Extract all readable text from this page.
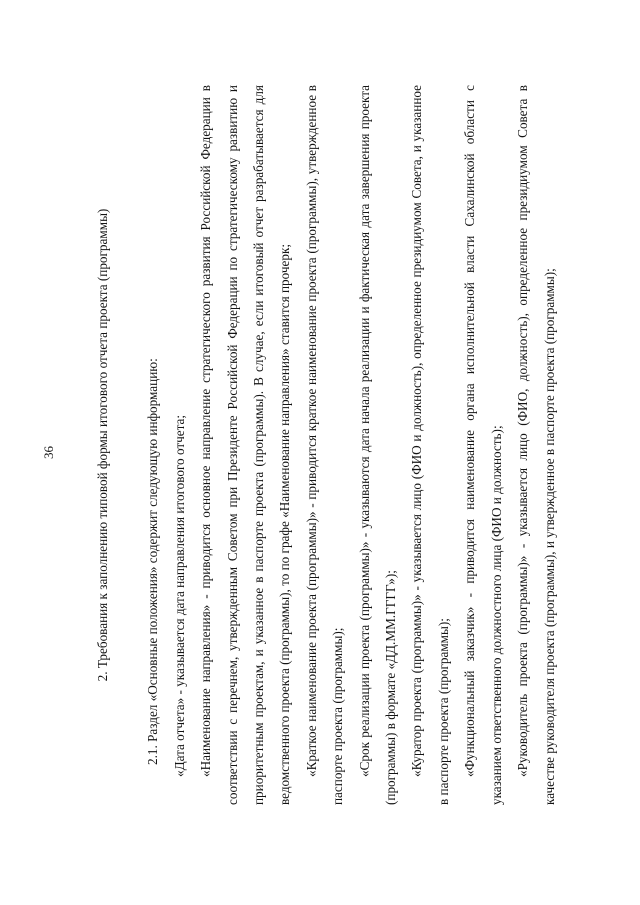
36	2. Требования к заполнению типовой формы итогового отчета проекта (программы)	2.1. Раздел «Основные положения» содержит следующую информацию: «Дата отчета» - указывается дата направления итогового отчета; «Наименование направления» - приводится основное направление стратегического развития Российской Федерации в соответствии с перечнем, утвержденным Советом при Президенте Российской Федерации по стратегическому развитию и приоритетным проектам, и указанное в паспорте проекта (программы). В случае, если итоговый отчет разрабатывается для ведомственного проекта (программы), то по графе «Наименование направления» ставится прочерк; «Краткое наименование проекта (программы)» - приводится краткое наименование проекта (программы), утвержденное в паспорте проекта (программы); «Срок реализации проекта (программы)» - указываются дата начала реализации и фактическая дата завершения проекта (программы) в формате «ДД.ММ.ГГГГ»); «Куратор проекта (программы)» - указывается лицо (ФИО и должность), определенное президиумом Совета, и указанное в паспорте проекта (программы); «Функциональный заказчик» - приводится наименование органа исполнительной власти Сахалинской области с указанием ответственного должностного лица (ФИО и должность); «Руководитель проекта (программы)» - указывается лицо (ФИО, должность), определенное президиумом Совета в качестве руководителя проекта (программы), и утвержденное в паспорте проекта (программы);
